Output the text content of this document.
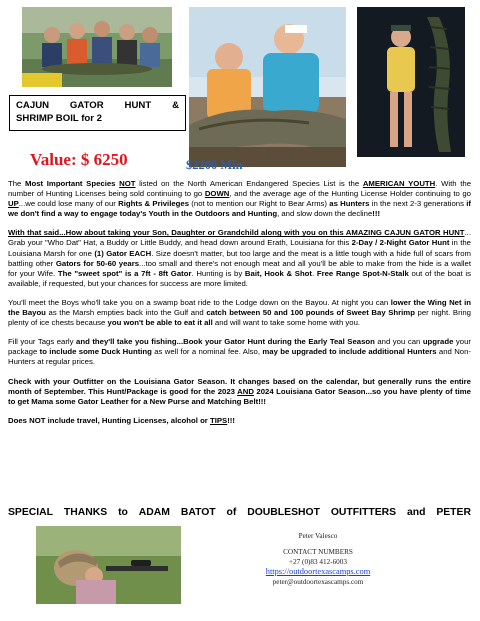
CAJUN GATOR HUNT &
SHRIMP BOIL for 2
Value: $ 6250	$2200 Min

The Most Important Species NOT listed on the North American Endangered Species List is the AMERICAN YOUTH. With the number of Hunting Licenses being sold continuing to go DOWN, and the average age of the Hunting License Holder continuing to go UP...we could lose many of our Rights & Privileges (not to mention our Right to Bear Arms) as Hunters in the next 2-3 generations if we don't find a way to engage today's Youth in the Outdoors and Hunting, and slow down the decline!!!

With that said...How about taking your Son, Daughter or Grandchild along with you on this AMAZING CAJUN GATOR HUNT... Grab your "Who Dat" Hat, a Buddy or Little Buddy, and head down around Erath, Louisiana for this 2-Day / 2-Night Gator Hunt in the Louisiana Marsh for one (1) Gator EACH. Size doesn't matter, but too large and the meat is a little tough with a hide full of scars from battling other Gators for 50-60 years...too small and there's not enough meat and all you'll be able to make from the hide is a wallet for your Wife. The "sweet spot" is a 7ft - 8ft Gator. Hunting is by Bait, Hook & Shot. Free Range Spot-N-Stalk out of the boat is available, if requested, but your chances for success are more limited.

You'll meet the Boys who'll take you on a swamp boat ride to the Lodge down on the Bayou. At night you can lower the Wing Net in the Bayou as the Marsh empties back into the Gulf and catch between 50 and 100 pounds of Sweet Bay Shrimp per night. Bring plenty of ice chests because you won't be able to eat it all and will want to take some home with you.

Fill your Tags early and they'll take you fishing...Book your Gator Hunt during the Early Teal Season and you can upgrade your package to include some Duck Hunting as well for a nominal fee. Also, may be upgraded to include additional Hunters and Non-Hunters at regular prices.

Check with your Outfitter on the Louisiana Gator Season. It changes based on the calendar, but generally runs the entire month of September. This Hunt/Package is good for the 2023 AND 2024 Louisiana Gator Season...so you have plenty of time to get Mama some Gator Leather for a New Purse and Matching Belt!!!

Does NOT include travel, Hunting Licenses, alcohol or TIPS!!!

SPECIAL THANKS to ADAM BATOT of DOUBLESHOT OUTFITTERS and PETER
Peter Valesco
CONTACT NUMBERS
+27 (0)83 412-6003
https://outdoortexascamps.com
peter@outdoortexascamps.com
